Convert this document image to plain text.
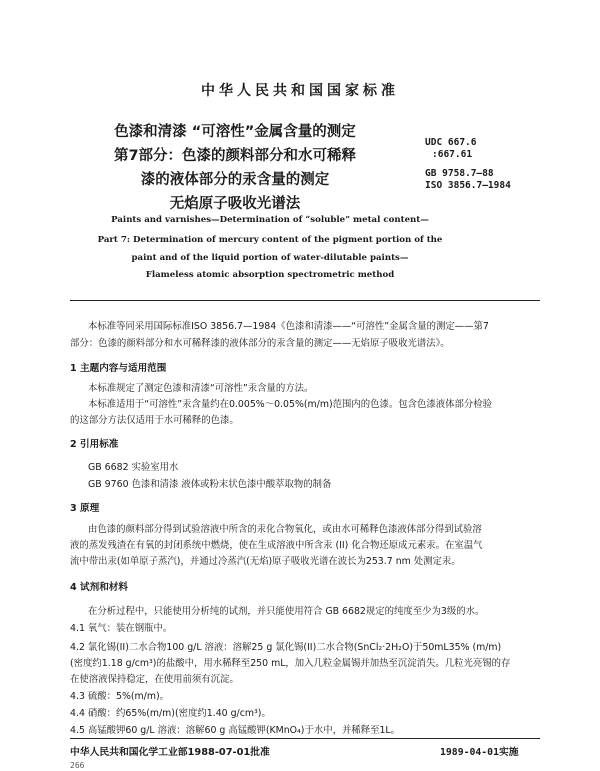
中华人民共和国国家标准
色漆和清漆 “可溶性”金属含量的测定
第7部分：色漆的颜料部分和水可稀释
漆的液体部分的汞含量的测定
无焰原子吸收光谱法
UDC 667.6
:667.61
GB 9758.7—88
ISO 3856.7—1984
Paints and varnishes—Determination of “soluble” metal content—
Part 7: Determination of mercury content of the pigment portion of the
paint and of the liquid portion of water-dilutable paints—
Flameless atomic absorption spectrometric method
本标准等同采用国际标准ISO 3856.7—1984《色漆和清漆——“可溶性”金属含量的测定——第7
部分：色漆的颜料部分和水可稀释漆的液体部分的汞含量的测定——无焰原子吸收光谱法》。
1 主题内容与适用范围
本标准规定了测定色漆和清漆“可溶性”汞含量的方法。
本标准适用于“可溶性”汞含量约在0.005%～0.05%(m/m)范围内的色漆。包含色漆液体部分检验
的这部分方法仅适用于水可稀释的色漆。
2 引用标准
GB 6682 实验室用水
GB 9760 色漆和清漆 液体或粉末状色漆中酸萃取物的制备
3 原理
由色漆的颜料部分得到试验溶液中所含的汞化合物氧化，或由水可稀释色漆液体部分得到试验溶
液的蒸发残渣在有氧的封闭系统中燃烧，使在生成溶液中所含汞 (II) 化合物还原成元素汞。在室温气
流中带出汞(如单原子蒸汽)，并通过冷蒸汽(无焰)原子吸收光谱在波长为253.7 nm 处测定汞。
4 试剂和材料
在分析过程中，只能使用分析纯的试剂，并只能使用符合 GB 6682规定的纯度至少为3级的水。
4.1 氧气：装在钢瓶中。
4.2 氯化锡(II)二水合物100 g/L 溶液：溶解25 g 氯化锡(II)二水合物(SnCl₂·2H₂O)于50mL35% (m/m)
(密度约1.18 g/cm³)的盐酸中，用水稀释至250 mL，加入几粒金属锡并加热至沉淀消失。几粒光亮锡的存
在使溶液保持稳定，在使用前须有沉淀。
4.3 硫酸：5%(m/m)。
4.4 硝酸：约65%(m/m)(密度约1.40 g/cm³)。
4.5 高锰酸钾60 g/L 溶液：溶解60 g 高锰酸钾(KMnO₄)于水中，并稀释至1L。
中华人民共和国化学工业部1988-07-01批准	1989-04-01实施
266
